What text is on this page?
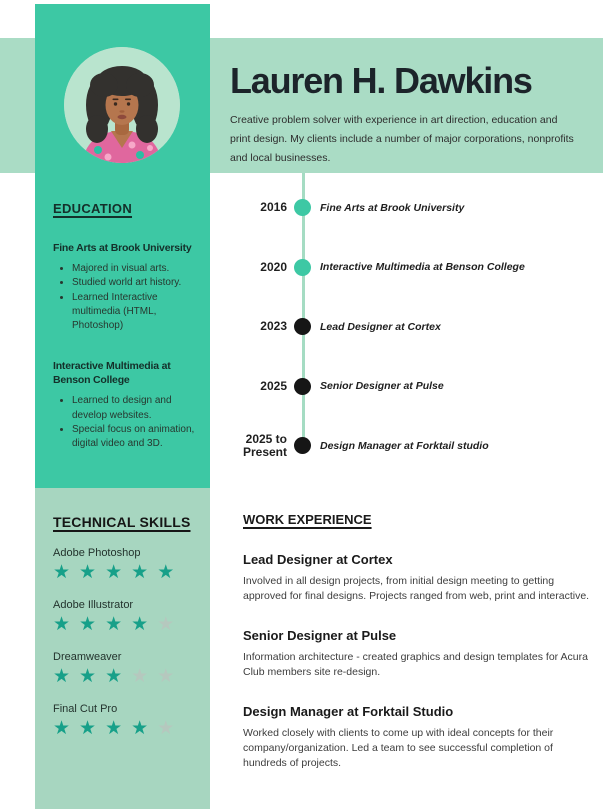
Lauren H. Dawkins

Creative problem solver with experience in art direction, education and print design. My clients include a number of major corporations, nonprofits and local businesses.

EDUCATION
Fine Arts at Brook University
• Majored in visual arts.
• Studied world art history.
• Learned Interactive multimedia (HTML, Photoshop)
Interactive Multimedia at Benson College
• Learned to design and develop websites.
• Special focus on animation, digital video and 3D.
2016	Fine Arts at Brook University
2020	Interactive Multimedia at Benson College
2023	Lead Designer at Cortex
2025	Senior Designer at Pulse
2025 to Present	Design Manager at Forktail studio
TECHNICAL SKILLS
Adobe Photoshop
★★★★★
Adobe Illustrator
★★★★★
Dreamweaver
★★★★★
Final Cut Pro
★★★★★
WORK EXPERIENCE
Lead Designer at Cortex

Involved in all design projects, from initial design meeting to getting approved for final designs. Projects ranged from web, print and interactive.

Senior Designer at Pulse

Information architecture - created graphics and design templates for Acura Club members site re-design.

Design Manager at Forktail Studio

Worked closely with clients to come up with ideal concepts for their company/organization. Led a team to see successful completion of hundreds of projects.
